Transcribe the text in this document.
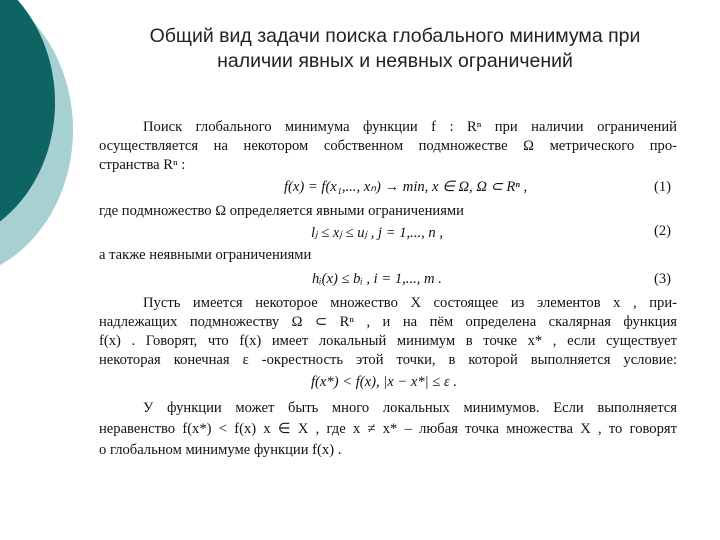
Общий вид задачи поиска глобального минимума при
наличии явных и неявных ограничений
Поиск глобального минимума функции f : Rⁿ при наличии ограничений
осуществляется на некотором собственном подмножестве Ω метрического про-
странства Rⁿ :
f(x) = f(x₁,..., xₙ) → min, x ∈ Ω, Ω ⊂ Rⁿ ,	(1)
где подмножество Ω определяется явными ограничениями
lⱼ ≤ xⱼ ≤ uⱼ , j = 1,..., n ,	(2)
а также неявными ограничениями
hᵢ(x) ≤ bᵢ , i = 1,..., m .	(3)
Пусть имеется некоторое множество X состоящее из элементов x , при-
надлежащих подмножеству Ω ⊂ Rⁿ , и на пём определена скалярная функция
f(x) . Говорят, что f(x) имеет локальный минимум в точке x* , если существует
некоторая конечная ε -окрестность этой точки, в которой выполняется условие:
f(x*) < f(x), |x − x*| ≤ ε .
У функции может быть много локальных минимумов. Если выполняется
неравенство f(x*) < f(x) x ∈ X , где x ≠ x* – любая точка множества X , то говорят
о глобальном минимуме функции f(x) .
